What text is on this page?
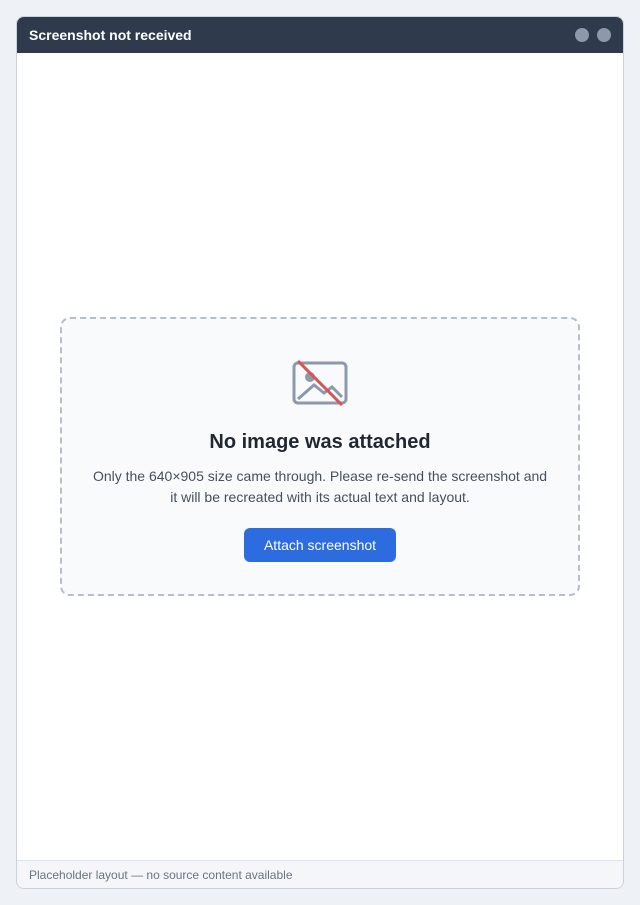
Screenshot not received

No image was attached

Only the 640×905 size came through. Please re-send the screenshot and it will be recreated with its actual text and layout.

Attach screenshot
Placeholder layout — no source content available
